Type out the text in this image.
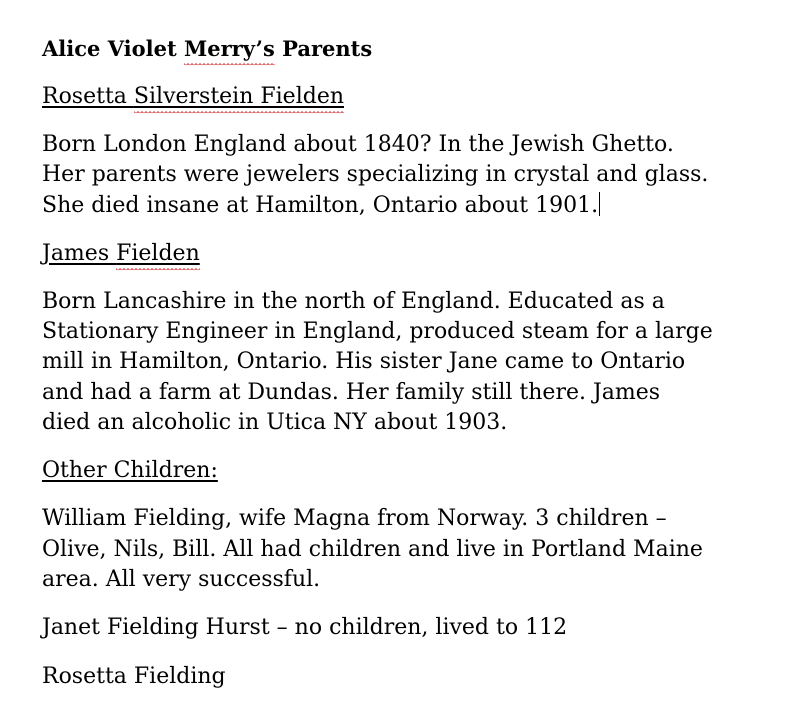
Alice Violet Merry’s Parents
Rosetta Silverstein Fielden
Born London England about 1840? In the Jewish Ghetto.
Her parents were jewelers specializing in crystal and glass.
She died insane at Hamilton, Ontario about 1901.
James Fielden
Born Lancashire in the north of England. Educated as a
Stationary Engineer in England, produced steam for a large
mill in Hamilton, Ontario. His sister Jane came to Ontario
and had a farm at Dundas. Her family still there. James
died an alcoholic in Utica NY about 1903.
Other Children:
William Fielding, wife Magna from Norway. 3 children –
Olive, Nils, Bill. All had children and live in Portland Maine
area. All very successful.
Janet Fielding Hurst – no children, lived to 112
Rosetta Fielding
